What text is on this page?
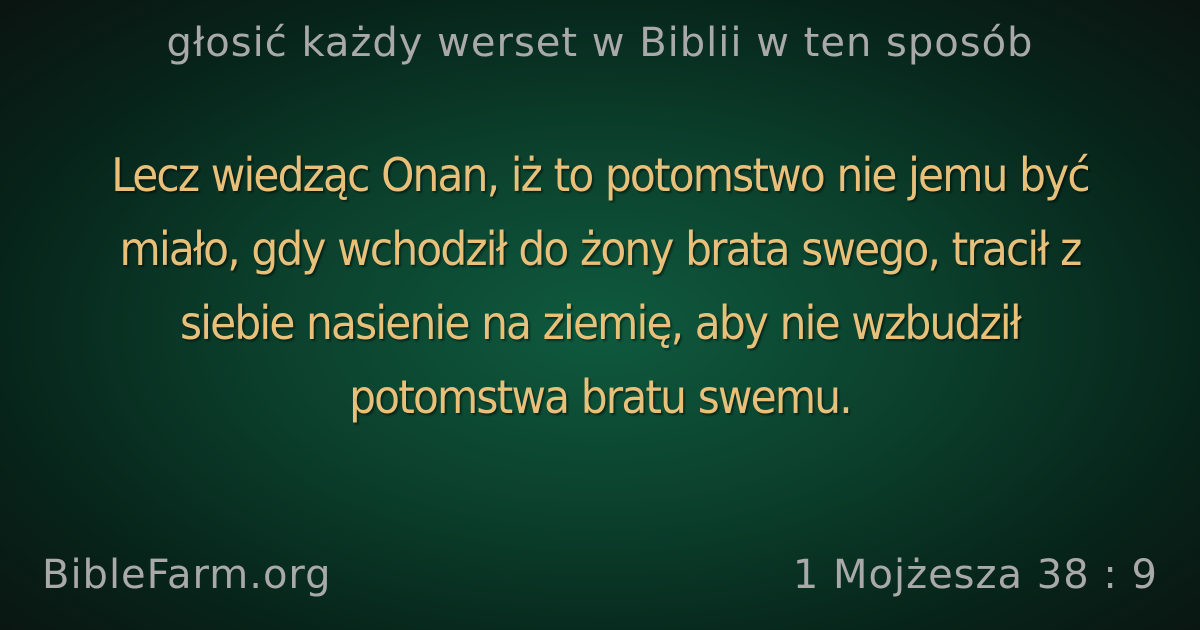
głosić każdy werset w Biblii w ten sposób
Lecz wiedząc Onan, iż to potomstwo nie jemu być miało, gdy wchodził do żony brata swego, tracił z siebie nasienie na ziemię, aby nie wzbudził potomstwa bratu swemu.
BibleFarm.org	1 Mojżesza 38 : 9
